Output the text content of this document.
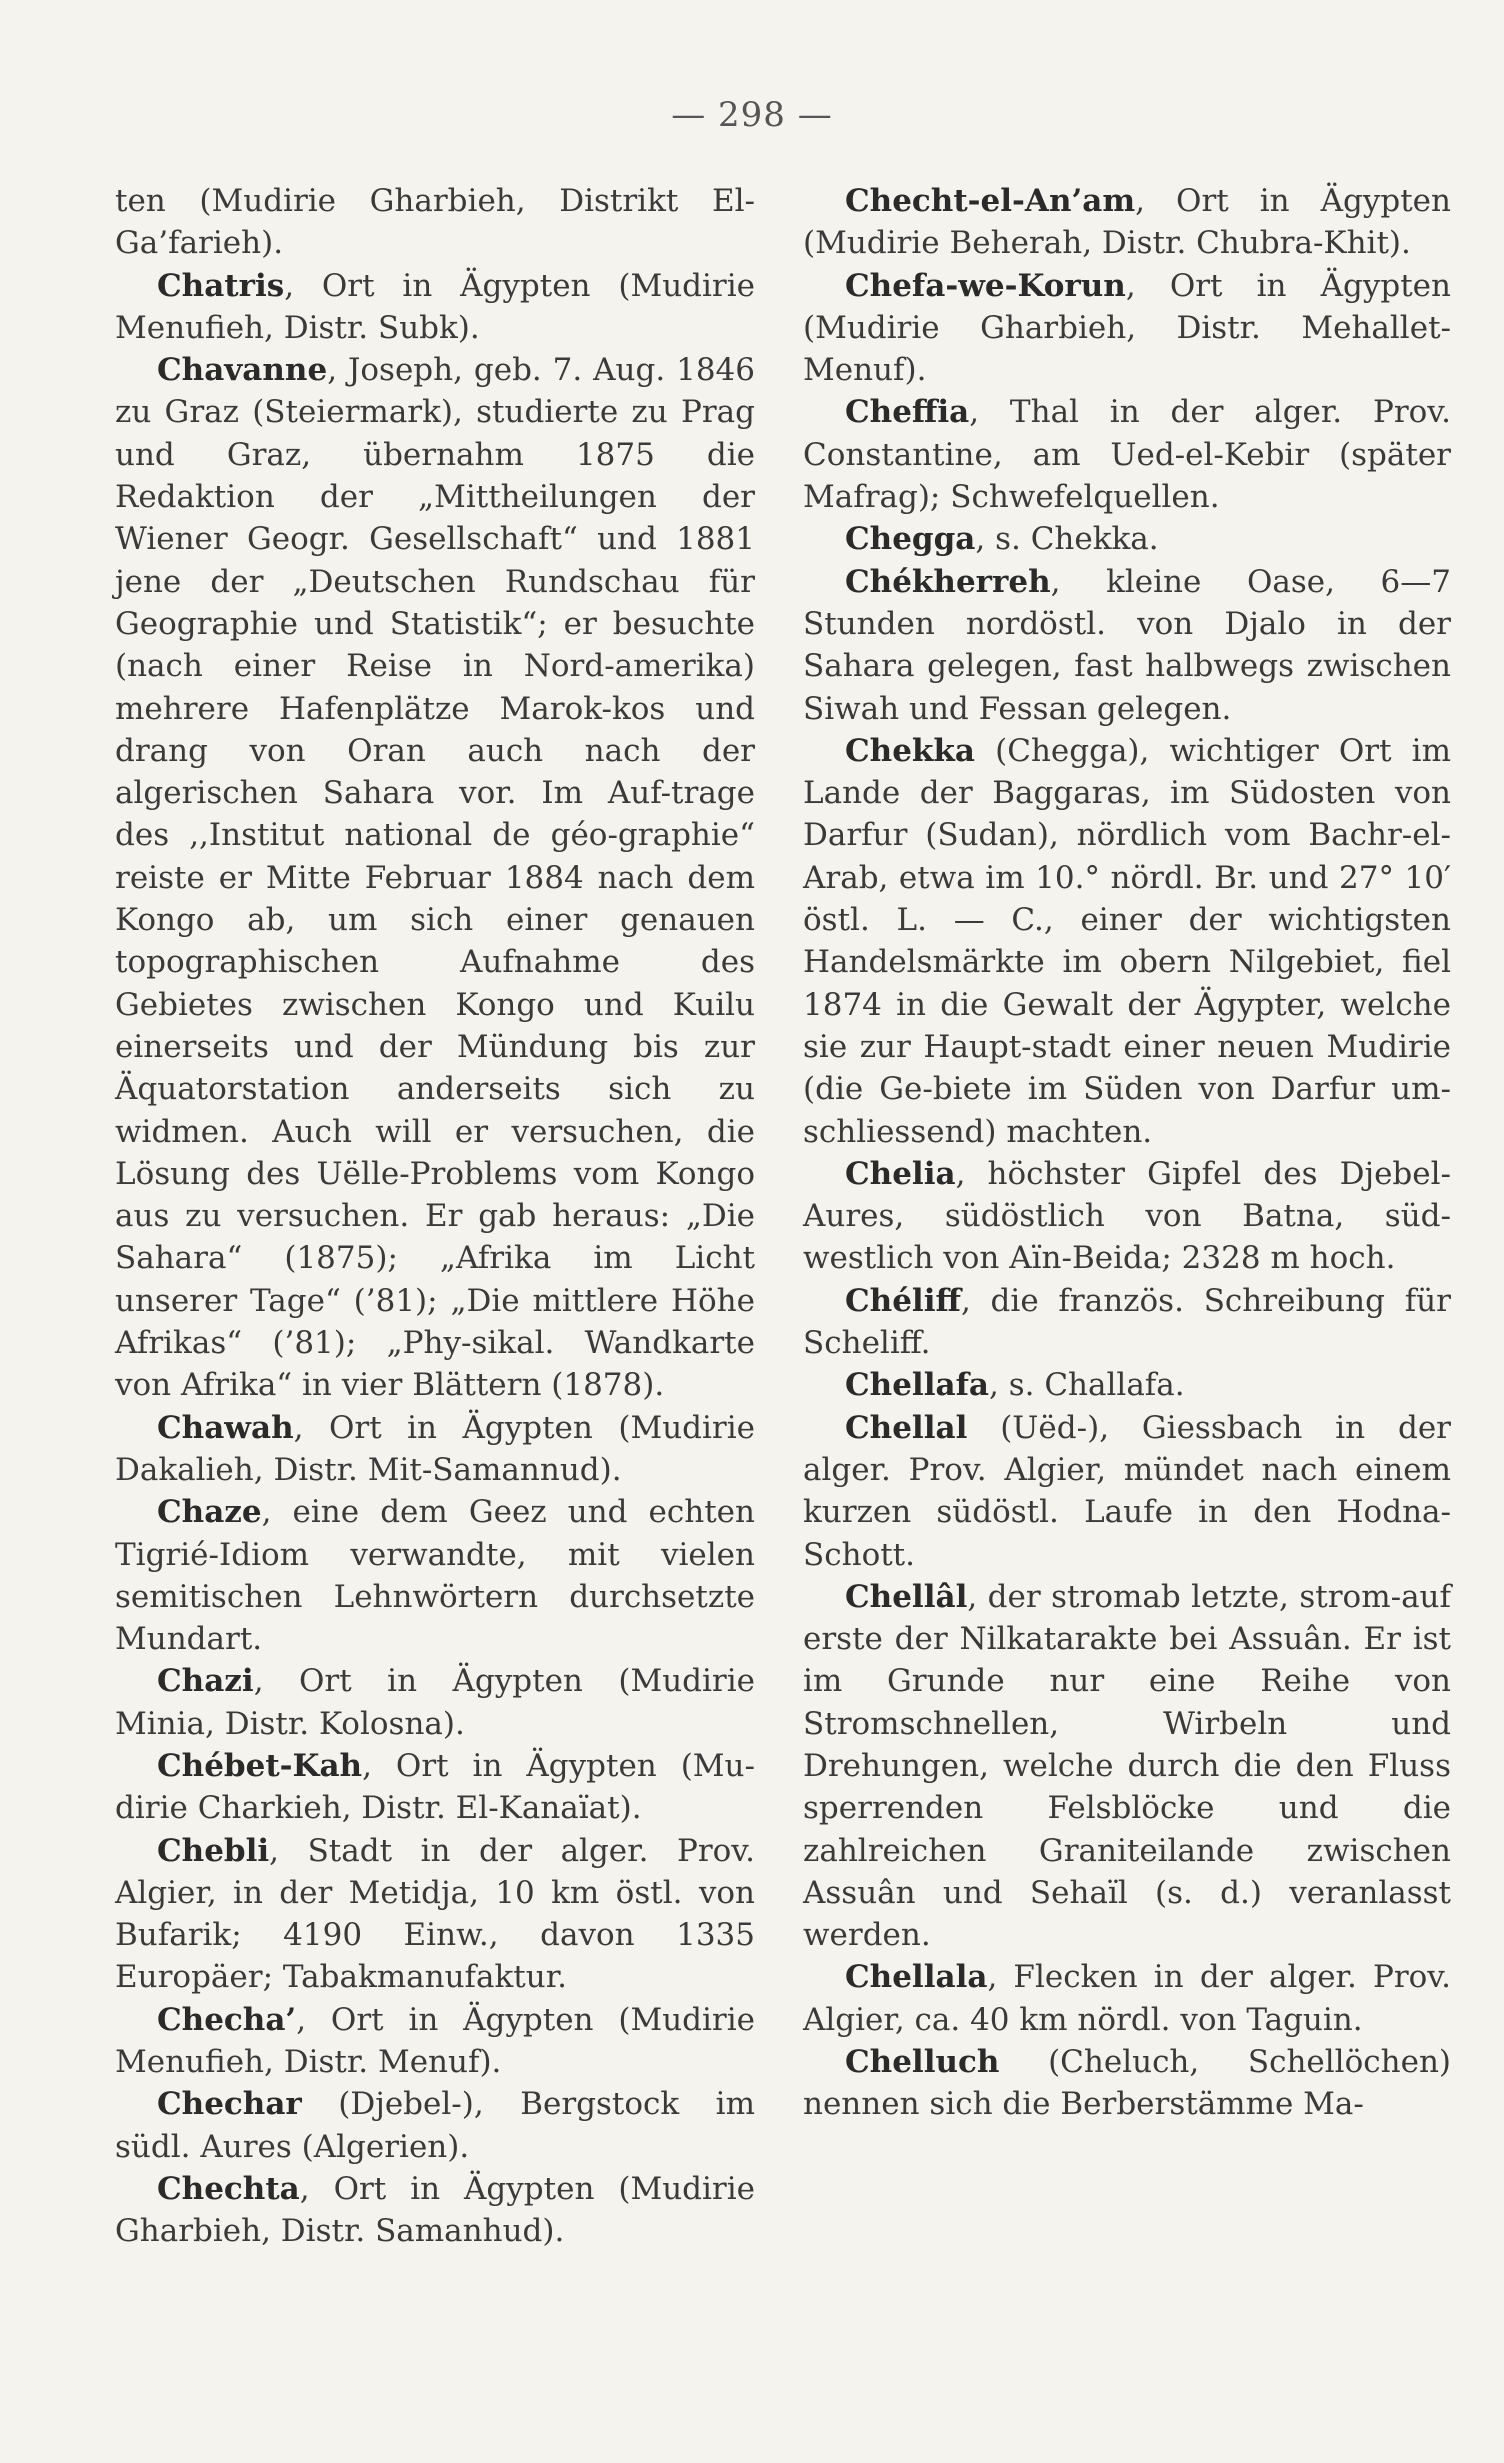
— 298 —

ten (Mudirie Gharbieh, Distrikt El-Ga’farieh).

Chatris, Ort in Ägypten (Mudirie Menufieh, Distr. Subk).

Chavanne, Joseph, geb. 7. Aug. 1846 zu Graz (Steiermark), studierte zu Prag und Graz, übernahm 1875 die Redaktion der „Mittheilungen der Wiener Geogr. Gesellschaft“ und 1881 jene der „Deutschen Rundschau für Geographie und Statistik“; er besuchte (nach einer Reise in Nord-amerika) mehrere Hafenplätze Marok-kos und drang von Oran auch nach der algerischen Sahara vor. Im Auf-trage des ,,Institut national de géo-graphie“ reiste er Mitte Februar 1884 nach dem Kongo ab, um sich einer genauen topographischen Aufnahme des Gebietes zwischen Kongo und Kuilu einerseits und der Mündung bis zur Äquatorstation anderseits sich zu widmen. Auch will er versuchen, die Lösung des Uëlle-Problems vom Kongo aus zu versuchen. Er gab heraus: „Die Sahara“ (1875); „Afrika im Licht unserer Tage“ (’81); „Die mittlere Höhe Afrikas“ (’81); „Phy-sikal. Wandkarte von Afrika“ in vier Blättern (1878).

Chawah, Ort in Ägypten (Mudirie Dakalieh, Distr. Mit-Samannud).

Chaze, eine dem Geez und echten Tigrié-Idiom verwandte, mit vielen semitischen Lehnwörtern durchsetzte Mundart.

Chazi, Ort in Ägypten (Mudirie Minia, Distr. Kolosna).

Chébet-Kah, Ort in Ägypten (Mu-dirie Charkieh, Distr. El-Kanaïat).

Chebli, Stadt in der alger. Prov. Algier, in der Metidja, 10 km östl. von Bufarik; 4190 Einw., davon 1335 Europäer; Tabakmanufaktur.

Checha’, Ort in Ägypten (Mudirie Menufieh, Distr. Menuf).

Chechar (Djebel-), Bergstock im südl. Aures (Algerien).

Chechta, Ort in Ägypten (Mudirie Gharbieh, Distr. Samanhud).

Checht-el-An’am, Ort in Ägypten (Mudirie Beherah, Distr. Chubra-Khit).

Chefa-we-Korun, Ort in Ägypten (Mudirie Gharbieh, Distr. Mehallet-Menuf).

Cheffia, Thal in der alger. Prov. Constantine, am Ued-el-Kebir (später Mafrag); Schwefelquellen.

Chegga, s. Chekka.

Chékherreh, kleine Oase, 6—7 Stunden nordöstl. von Djalo in der Sahara gelegen, fast halbwegs zwischen Siwah und Fessan gelegen.

Chekka (Chegga), wichtiger Ort im Lande der Baggaras, im Südosten von Darfur (Sudan), nördlich vom Bachr-el-Arab, etwa im 10.° nördl. Br. und 27° 10′ östl. L. — C., einer der wichtigsten Handelsmärkte im obern Nilgebiet, fiel 1874 in die Gewalt der Ägypter, welche sie zur Haupt-stadt einer neuen Mudirie (die Ge-biete im Süden von Darfur um-schliessend) machten.

Chelia, höchster Gipfel des Djebel-Aures, südöstlich von Batna, süd-westlich von Aïn-Beida; 2328 m hoch.

Chéliff, die französ. Schreibung für Scheliff.

Chellafa, s. Challafa.

Chellal (Uëd-), Giessbach in der alger. Prov. Algier, mündet nach einem kurzen südöstl. Laufe in den Hodna-Schott.

Chellâl, der stromab letzte, strom-auf erste der Nilkatarakte bei Assuân. Er ist im Grunde nur eine Reihe von Stromschnellen, Wirbeln und Drehungen, welche durch die den Fluss sperrenden Felsblöcke und die zahlreichen Graniteilande zwischen Assuân und Sehaïl (s. d.) veranlasst werden.

Chellala, Flecken in der alger. Prov. Algier, ca. 40 km nördl. von Taguin.

Chelluch (Cheluch, Schellöchen) nennen sich die Berberstämme Ma-
